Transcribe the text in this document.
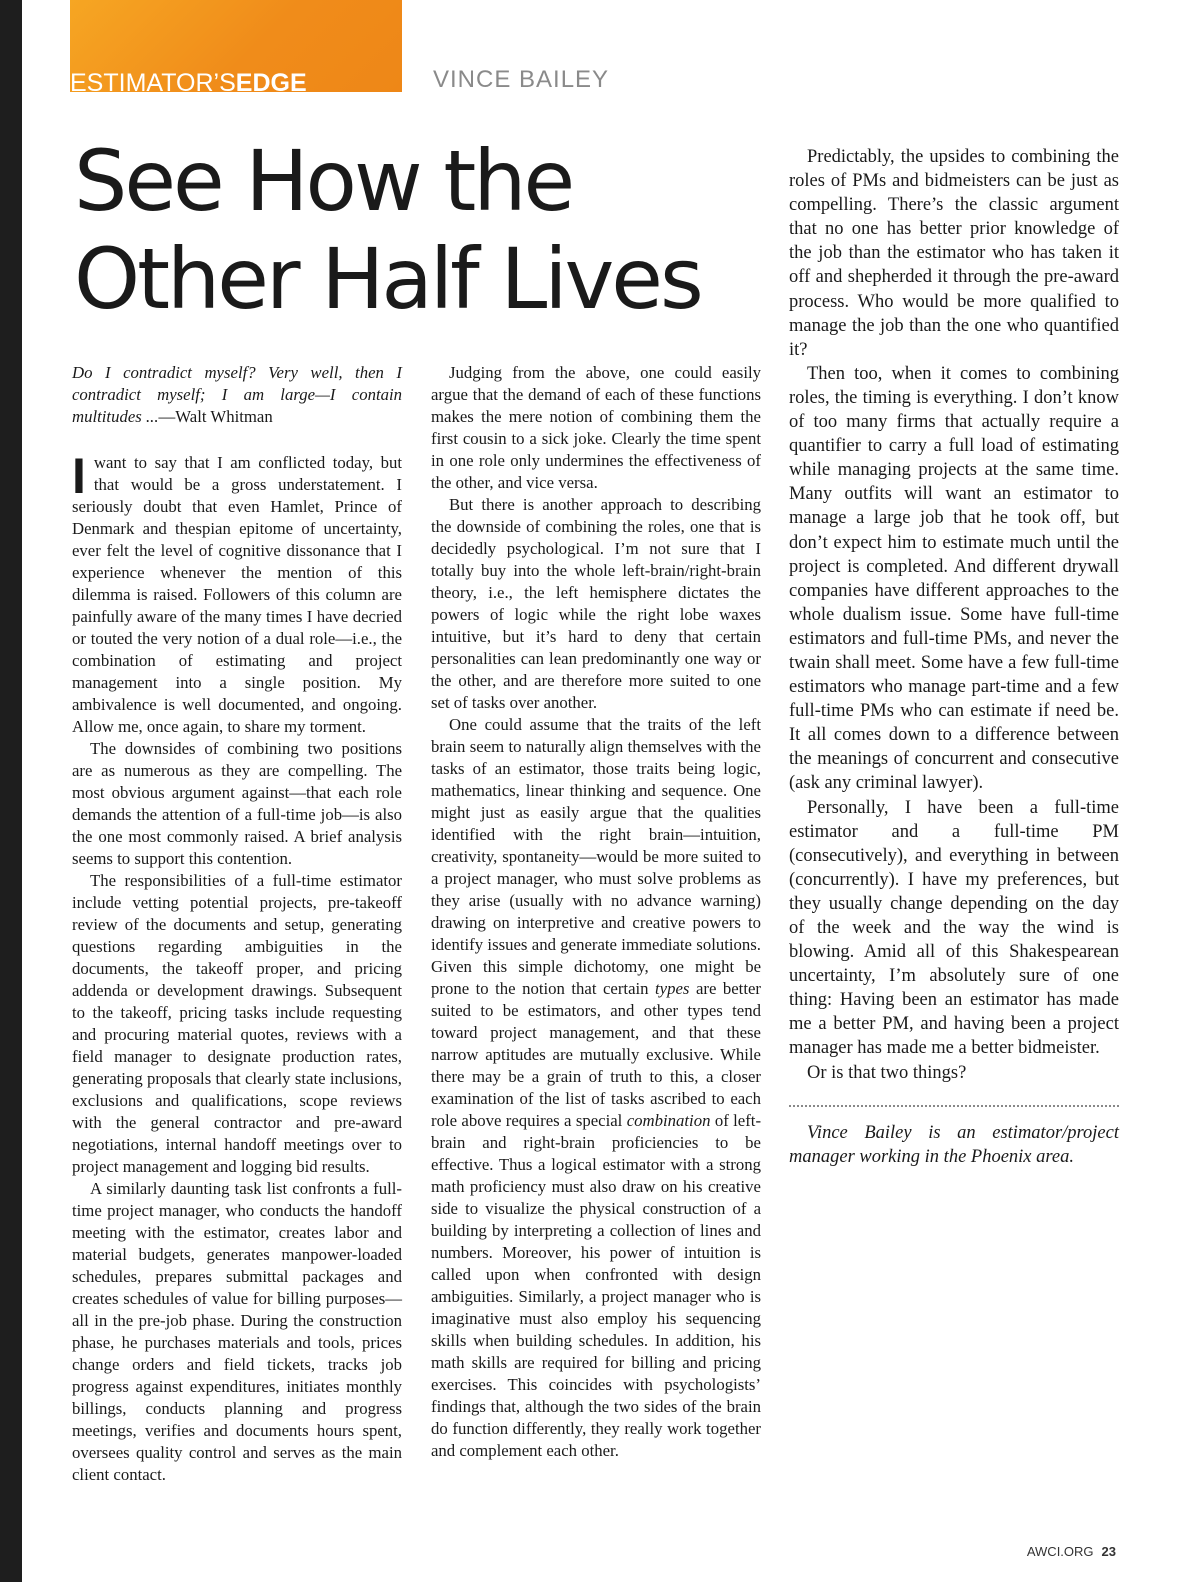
ESTIMATOR’SEDGE	VINCE BAILEY
See How the
Other Half Lives

Do I contradict myself? Very well, then I contradict myself; I am large—I contain multitudes ...—Walt Whitman

Iwant to say that I am conflicted today, but that would be a gross understatement. I seriously doubt that even Hamlet, Prince of Denmark and thespian epitome of uncertainty, ever felt the level of cognitive dissonance that I experience whenever the mention of this dilemma is raised. Followers of this column are painfully aware of the many times I have decried or touted the very notion of a dual role—i.e., the combination of estimating and project management into a single position. My ambivalence is well documented, and ongoing. Allow me, once again, to share my torment.

The downsides of combining two positions are as numerous as they are compelling. The most obvious argument against—that each role demands the attention of a full-time job—is also the one most commonly raised. A brief analysis seems to support this contention.

The responsibilities of a full-time estimator include vetting potential projects, pre-takeoff review of the documents and setup, generating questions regarding ambiguities in the documents, the takeoff proper, and pricing addenda or development drawings. Subsequent to the takeoff, pricing tasks include requesting and procuring material quotes, reviews with a field manager to designate production rates, generating proposals that clearly state inclusions, exclusions and qualifications, scope reviews with the general contractor and pre-award negotiations, internal handoff meetings over to project management and logging bid results.

A similarly daunting task list confronts a full-time project manager, who conducts the handoff meeting with the estimator, creates labor and material budgets, generates manpower-loaded schedules, prepares submittal packages and creates schedules of value for billing purposes—all in the pre-job phase. During the construction phase, he purchases materials and tools, prices change orders and field tickets, tracks job progress against expenditures, initiates monthly billings, conducts planning and progress meetings, verifies and documents hours spent, oversees quality control and serves as the main client contact.

Judging from the above, one could easily argue that the demand of each of these functions makes the mere notion of combining them the first cousin to a sick joke. Clearly the time spent in one role only undermines the effectiveness of the other, and vice versa.

But there is another approach to describing the downside of combining the roles, one that is decidedly psychological. I’m not sure that I totally buy into the whole left-brain/right-brain theory, i.e., the left hemisphere dictates the powers of logic while the right lobe waxes intuitive, but it’s hard to deny that certain personalities can lean predominantly one way or the other, and are therefore more suited to one set of tasks over another.

One could assume that the traits of the left brain seem to naturally align themselves with the tasks of an estimator, those traits being logic, mathematics, linear thinking and sequence. One might just as easily argue that the qualities identified with the right brain—intuition, creativity, spontaneity—would be more suited to a project manager, who must solve problems as they arise (usually with no advance warning) drawing on interpretive and creative powers to identify issues and generate immediate solutions. Given this simple dichotomy, one might be prone to the notion that certain types are better suited to be estimators, and other types tend toward project management, and that these narrow aptitudes are mutually exclusive. While there may be a grain of truth to this, a closer examination of the list of tasks ascribed to each role above requires a special combination of left-brain and right-brain proficiencies to be effective. Thus a logical estimator with a strong math proficiency must also draw on his creative side to visualize the physical construction of a building by interpreting a collection of lines and numbers. Moreover, his power of intuition is called upon when confronted with design ambiguities. Similarly, a project manager who is imaginative must also employ his sequencing skills when building schedules. In addition, his math skills are required for billing and pricing exercises. This coincides with psychologists’ findings that, although the two sides of the brain do function differently, they really work together and complement each other.

Predictably, the upsides to combining the roles of PMs and bidmeisters can be just as compelling. There’s the classic argument that no one has better prior knowledge of the job than the estimator who has taken it off and shepherded it through the pre-award process. Who would be more qualified to manage the job than the one who quantified it?

Then too, when it comes to combining roles, the timing is everything. I don’t know of too many firms that actually require a quantifier to carry a full load of estimating while managing projects at the same time. Many outfits will want an estimator to manage a large job that he took off, but don’t expect him to estimate much until the project is completed. And different drywall companies have different approaches to the whole dualism issue. Some have full-time estimators and full-time PMs, and never the twain shall meet. Some have a few full-time estimators who manage part-time and a few full-time PMs who can estimate if need be. It all comes down to a difference between the meanings of concurrent and consecutive (ask any criminal lawyer).

Personally, I have been a full-time estimator and a full-time PM (consecutively), and everything in between (concurrently). I have my preferences, but they usually change depending on the day of the week and the way the wind is blowing. Amid all of this Shakespearean uncertainty, I’m absolutely sure of one thing: Having been an estimator has made me a better PM, and having been a project manager has made me a better bidmeister.

Or is that two things?

Vince Bailey is an estimator/project manager working in the Phoenix area.

AWCI.ORG 23
